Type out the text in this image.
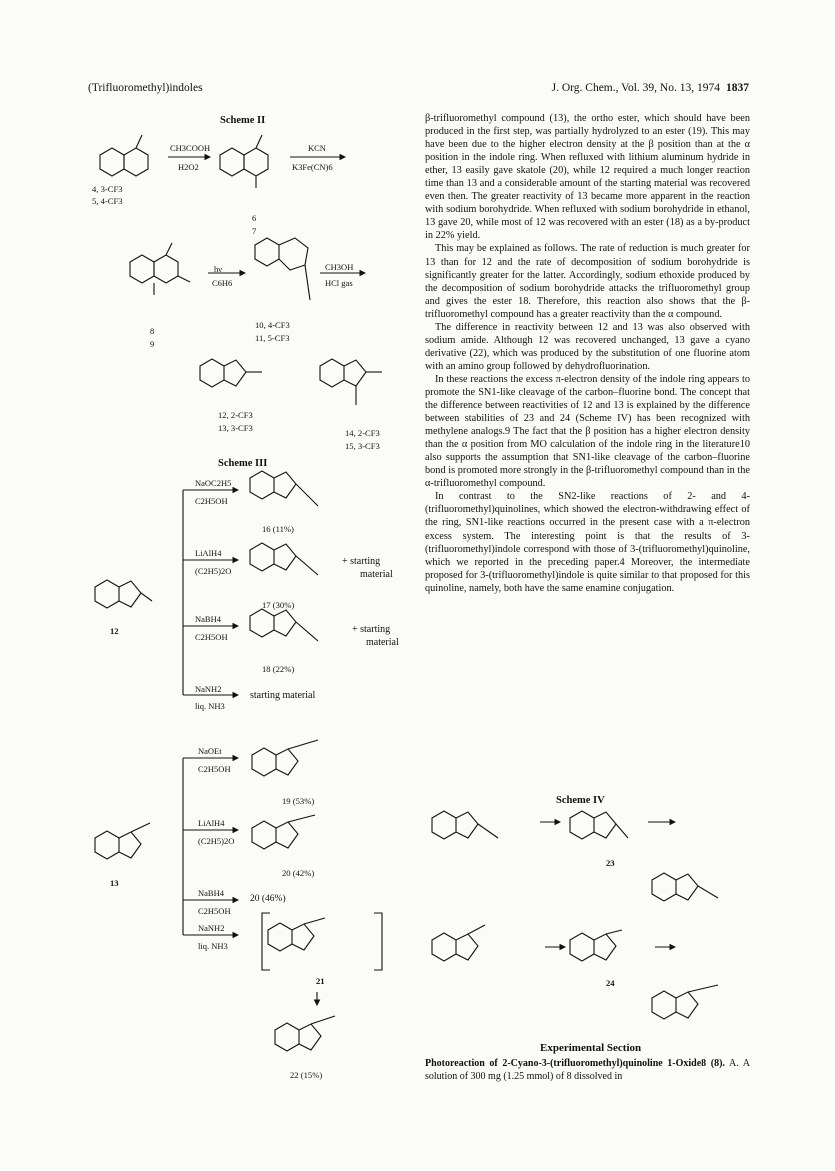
(Trifluoromethyl)indoles	J. Org. Chem., Vol. 39, No. 13, 1974 1837
Scheme II
CH3COOH
H2O2
KCN
K3Fe(CN)6
4, 3-CF3
5, 4-CF3
6
7
hν
C6H6
CH3OH
HCl gas
8
9
10, 4-CF3
11, 5-CF3
12, 2-CF3
13, 3-CF3	14, 2-CF3
15, 3-CF3
Scheme III
NaOC2H5
C2H5OH
LiAlH4
(C2H5)2O
NaBH4
C2H5OH
NaNH2
liq. NH3
16 (11%)
17 (30%)
18 (22%)
+ starting
material
+ starting
material
starting material
12
NaOEt
C2H5OH
LiAlH4
(C2H5)2O
NaBH4
C2H5OH
NaNH2
liq. NH3
19 (53%)
20 (42%)
20 (46%)
21
22 (15%)
13
Scheme IV
23
24

β-trifluoromethyl compound (13), the ortho ester, which should have been produced in the first step, was partially hydrolyzed to an ester (19). This may have been due to the higher electron density at the β position than at the α position in the indole ring. When refluxed with lithium aluminum hydride in ether, 13 easily gave skatole (20), while 12 required a much longer reaction time than 13 and a considerable amount of the starting material was recovered even then. The greater reactivity of 13 became more apparent in the reaction with sodium borohydride. When refluxed with sodium borohydride in ethanol, 13 gave 20, while most of 12 was recovered with an ester (18) as a by-product in 22% yield.

This may be explained as follows. The rate of reduction is much greater for 13 than for 12 and the rate of decomposition of sodium borohydride is significantly greater for the latter. Accordingly, sodium ethoxide produced by the decomposition of sodium borohydride attacks the trifluoromethyl group and gives the ester 18. Therefore, this reaction also shows that the β-trifluoromethyl compound has a greater reactivity than the α compound.

The difference in reactivity between 12 and 13 was also observed with sodium amide. Although 12 was recovered unchanged, 13 gave a cyano derivative (22), which was produced by the substitution of one fluorine atom with an amino group followed by dehydrofluorination.

In these reactions the excess π-electron density of the indole ring appears to promote the SN1-like cleavage of the carbon–fluorine bond. The concept that the difference between reactivities of 12 and 13 is explained by the difference between stabilities of 23 and 24 (Scheme IV) has been recognized with methylene analogs.9 The fact that the β position has a higher electron density than the α position from MO calculation of the indole ring in the literature10 also supports the assumption that SN1-like cleavage of the carbon–fluorine bond is promoted more strongly in the β-trifluoromethyl compound than in the α-trifluoromethyl compound.

In contrast to the SN2-like reactions of 2- and 4-(trifluoromethyl)quinolines, which showed the electron-withdrawing effect of the ring, SN1-like reactions occurred in the present case with a π-electron excess system. The interesting point is that the results of 3-(trifluoromethyl)indole correspond with those of 3-(trifluoromethyl)quinoline, which we reported in the preceding paper.4 Moreover, the intermediate proposed for 3-(trifluoromethyl)indole is quite similar to that proposed for this quinoline, namely, both have the same enamine conjugation.

Experimental Section
Photoreaction of 2-Cyano-3-(trifluoromethyl)quinoline 1-Oxide8 (8). A. A solution of 300 mg (1.25 mmol) of 8 dissolved in
